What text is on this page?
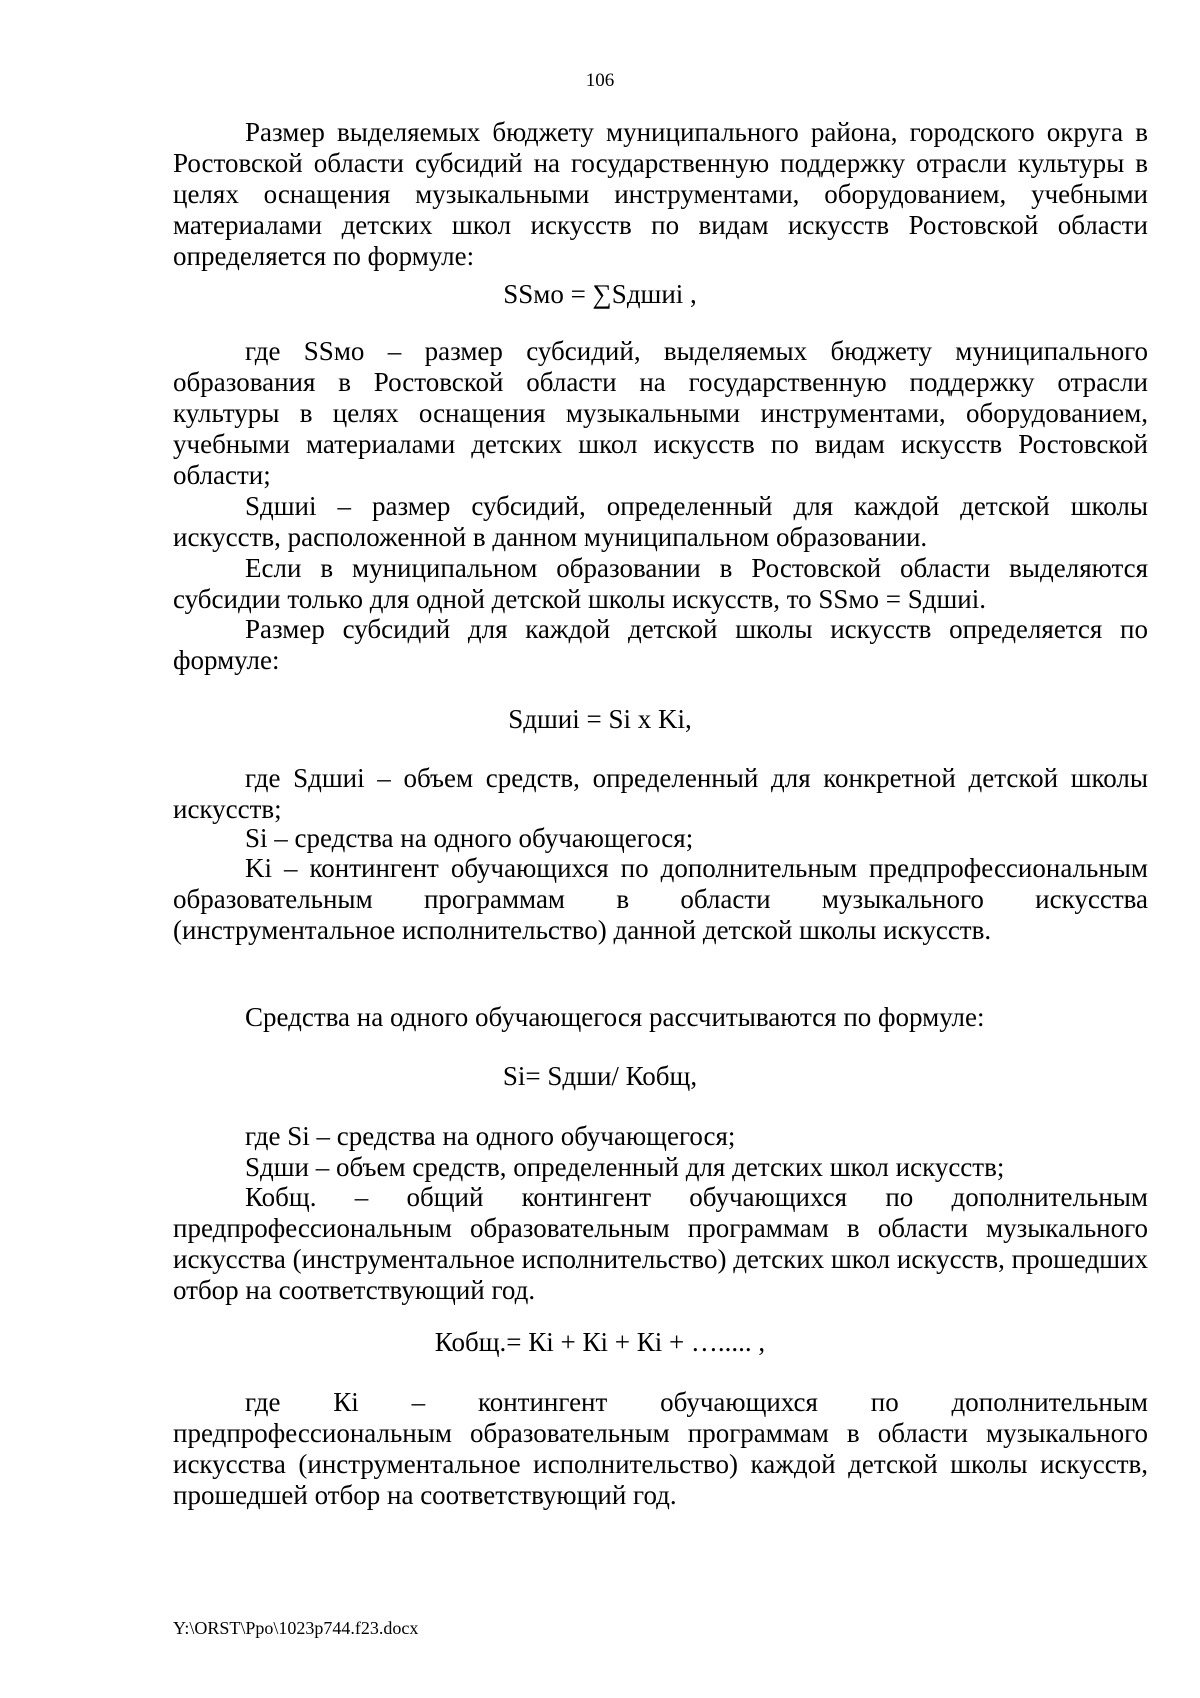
106

Размер выделяемых бюджету муниципального района, городского округа в Ростовской области субсидий на государственную поддержку отрасли культуры в целях оснащения музыкальными инструментами, оборудованием, учебными материалами детских школ искусств по видам искусств Ростовской области определяется по формуле:

SSмо = ∑Sдшиi ,

где SSмо – размер субсидий, выделяемых бюджету муниципального образования в Ростовской области на государственную поддержку отрасли культуры в целях оснащения музыкальными инструментами, оборудованием, учебными материалами детских школ искусств по видам искусств Ростовской области;

Sдшиi – размер субсидий, определенный для каждой детской школы искусств, расположенной в данном муниципальном образовании.

Если в муниципальном образовании в Ростовской области выделяются субсидии только для одной детской школы искусств, то SSмо = Sдшиi.

Размер субсидий для каждой детской школы искусств определяется по формуле:

Sдшиi = Si x Ki,

где Sдшиi – объем средств, определенный для конкретной детской школы искусств;

Si – средства на одного обучающегося;

Ki – контингент обучающихся по дополнительным предпрофессиональным образовательным программам в области музыкального искусства (инструментальное исполнительство) данной детской школы искусств.

Средства на одного обучающегося рассчитываются по формуле:

Si= Sдши/ Кобщ,

где Si – средства на одного обучающегося;

Sдши – объем средств, определенный для детских школ искусств;

Кобщ. – общий контингент обучающихся по дополнительным предпрофессиональным образовательным программам в области музыкального искусства (инструментальное исполнительство) детских школ искусств, прошедших отбор на соответствующий год.

Кобщ.= Кi + Кi + Кi + …..... ,

где Кi – контингент обучающихся по дополнительным предпрофессиональным образовательным программам в области музыкального искусства (инструментальное исполнительство) каждой детской школы искусств, прошедшей отбор на соответствующий год.

Y:\ORST\Ppo\1023p744.f23.docx
